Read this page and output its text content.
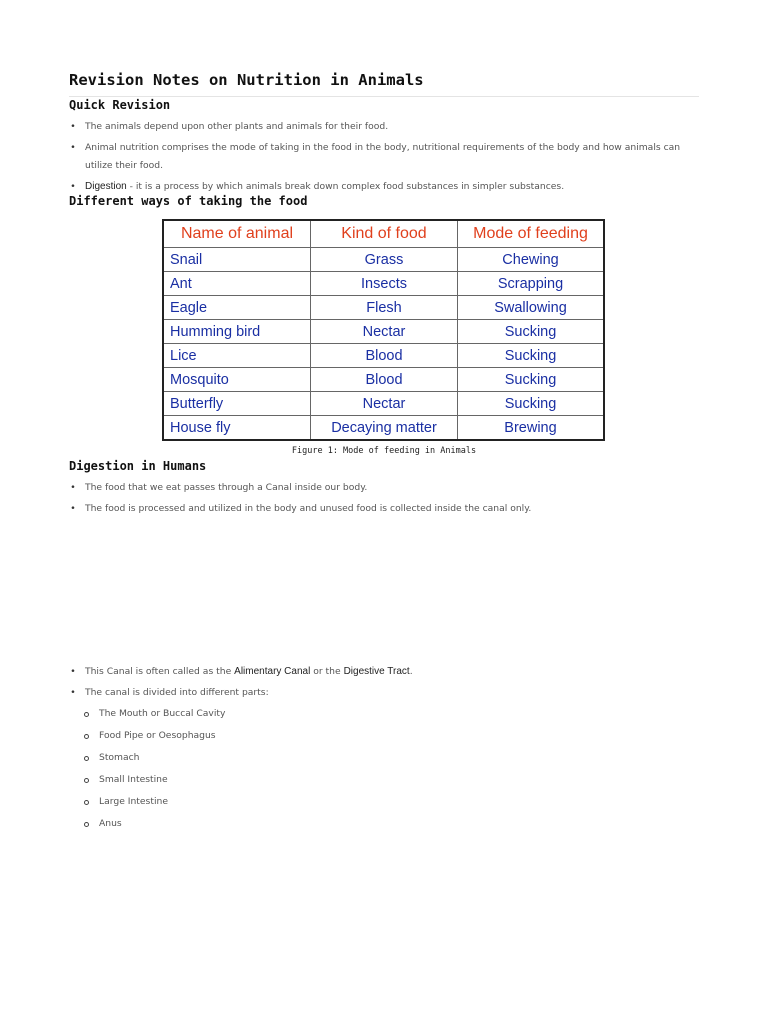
Revision Notes on Nutrition in Animals
Quick Revision
• The animals depend upon other plants and animals for their food.
• Animal nutrition comprises the mode of taking in the food in the body, nutritional requirements of the body and how animals can utilize their food.
• Digestion - it is a process by which animals break down complex food substances in simpler substances.
Different ways of taking the food
Name of animal	Kind of food	Mode of feeding
Snail	Grass	Chewing
Ant	Insects	Scrapping
Eagle	Flesh	Swallowing
Humming bird	Nectar	Sucking
Lice	Blood	Sucking
Mosquito	Blood	Sucking
Butterfly	Nectar	Sucking
House fly	Decaying matter	Brewing
Figure 1: Mode of feeding in Animals
Digestion in Humans
• The food that we eat passes through a Canal inside our body.
• The food is processed and utilized in the body and unused food is collected inside the canal only.
• This Canal is often called as the Alimentary Canal or the Digestive Tract.
• The canal is divided into different parts:
The Mouth or Buccal Cavity
Food Pipe or Oesophagus
Stomach
Small Intestine
Large Intestine
Anus
